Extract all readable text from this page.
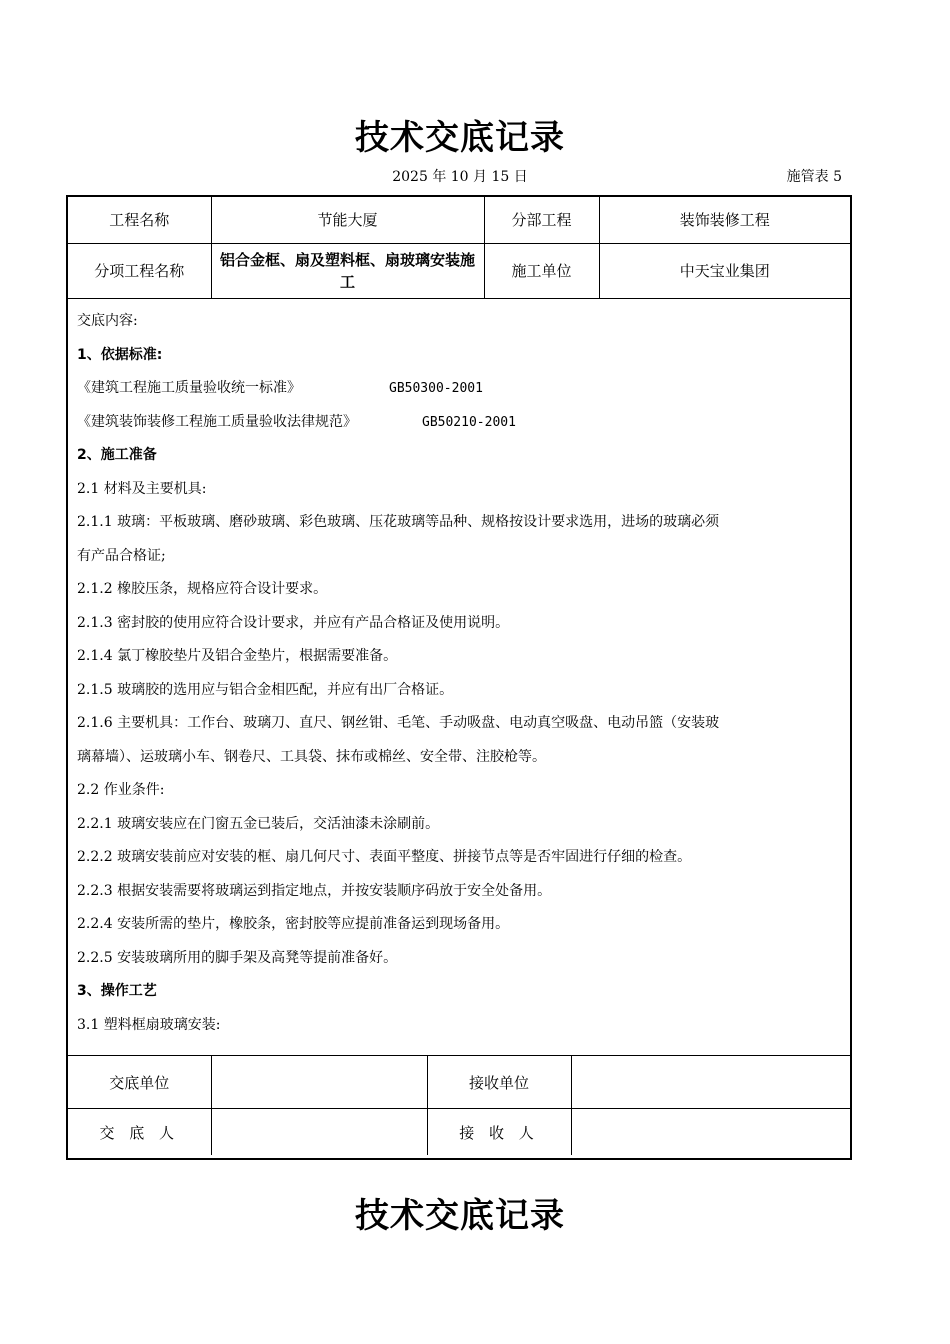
技术交底记录
2025 年 10 月 15 日	施管表 5
工程名称	节能大厦	分部工程	装饰装修工程
分项工程名称	铝合金框、扇及塑料框、扇玻璃安装施工	施工单位	中天宝业集团
交底内容:
1、依据标准:
《建筑工程施工质量验收统一标准》	GB50300-2001
《建筑装饰装修工程施工质量验收法律规范》	GB50210-2001
2、施工准备
2.1 材料及主要机具:
2.1.1 玻璃：平板玻璃、磨砂玻璃、彩色玻璃、压花玻璃等品种、规格按设计要求选用，进场的玻璃必须
有产品合格证;
2.1.2 橡胶压条，规格应符合设计要求。
2.1.3 密封胶的使用应符合设计要求，并应有产品合格证及使用说明。
2.1.4 氯丁橡胶垫片及铝合金垫片，根据需要准备。
2.1.5 玻璃胶的选用应与铝合金相匹配，并应有出厂合格证。
2.1.6 主要机具：工作台、玻璃刀、直尺、钢丝钳、毛笔、手动吸盘、电动真空吸盘、电动吊篮（安装玻
璃幕墙）、运玻璃小车、钢卷尺、工具袋、抹布或棉丝、安全带、注胶枪等。
2.2 作业条件:
2.2.1 玻璃安装应在门窗五金已装后，交活油漆未涂刷前。
2.2.2 玻璃安装前应对安装的框、扇几何尺寸、表面平整度、拼接节点等是否牢固进行仔细的检查。
2.2.3 根据安装需要将玻璃运到指定地点，并按安装顺序码放于安全处备用。
2.2.4 安装所需的垫片，橡胶条，密封胶等应提前准备运到现场备用。
2.2.5 安装玻璃所用的脚手架及高凳等提前准备好。
3、操作工艺
3.1 塑料框扇玻璃安装:
交底单位		接收单位	
交 底 人		接 收 人	
技术交底记录
